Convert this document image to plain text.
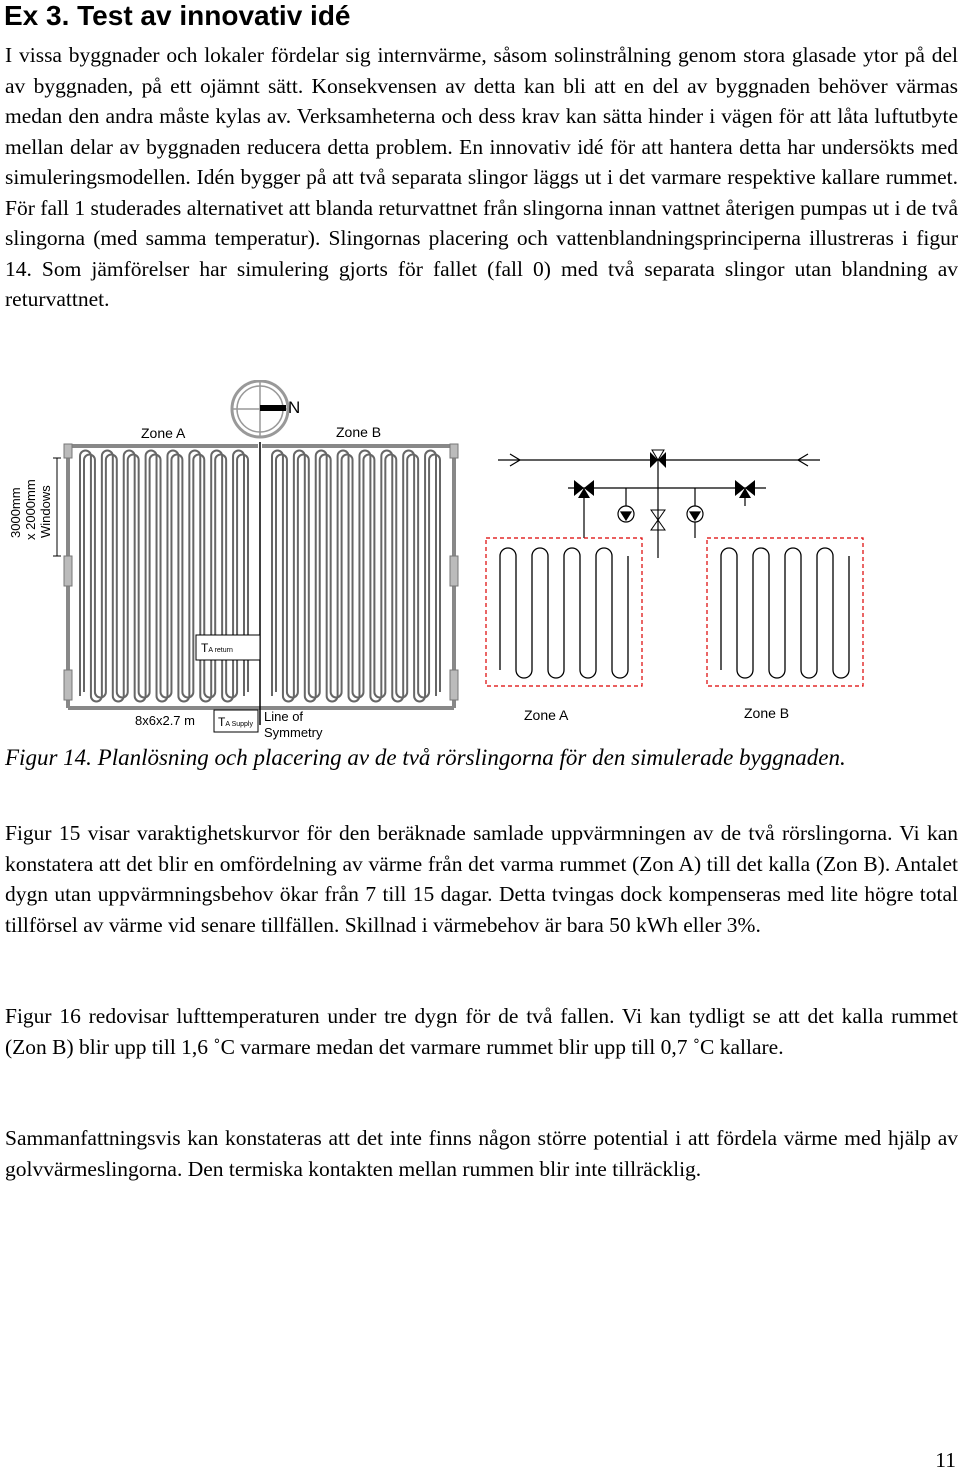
Ex 3. Test av innovativ idé

I vissa byggnader och lokaler fördelar sig internvärme, såsom solinstrålning genom stora glasade ytor på del av byggnaden, på ett ojämnt sätt. Konsekvensen av detta kan bli att en del av byggnaden behöver värmas medan den andra måste kylas av. Verksamheterna och dess krav kan sätta hinder i vägen för att låta luftutbyte mellan delar av byggnaden reducera detta problem. En innovativ idé för att hantera detta har undersökts med simuleringsmodellen. Idén bygger på att två separata slingor läggs ut i det varmare respektive kallare rummet. För fall 1 studerades alternativet att blanda returvattnet från slingorna innan vattnet återigen pumpas ut i de två slingorna (med samma temperatur). Slingornas placering och vattenblandningsprinciperna illustreras i figur 14. Som jämförelser har simulering gjorts för fallet (fall 0) med två separata slingor utan blandning av returvattnet.

N
3000mm x 2000mm Windows
Zone A	Zone B
TA return
TA Supply
8x6x2.7 m	Line of
Symmetry
Zone A	Zone B

Figur 14. Planlösning och placering av de två rörslingorna för den simulerade byggnaden.

Figur 15 visar varaktighetskurvor för den beräknade samlade uppvärmningen av de två rörslingorna. Vi kan konstatera att det blir en omfördelning av värme från det varma rummet (Zon A) till det kalla (Zon B). Antalet dygn utan uppvärmningsbehov ökar från 7 till 15 dagar. Detta tvingas dock kompenseras med lite högre total tillförsel av värme vid senare tillfällen. Skillnad i värmebehov är bara 50 kWh eller 3%.

Figur 16 redovisar lufttemperaturen under tre dygn för de två fallen. Vi kan tydligt se att det kalla rummet (Zon B) blir upp till 1,6 ˚C varmare medan det varmare rummet blir upp till 0,7 ˚C kallare.

Sammanfattningsvis kan konstateras att det inte finns någon större potential i att fördela värme med hjälp av golvvärmeslingorna. Den termiska kontakten mellan rummen blir inte tillräcklig.

11
